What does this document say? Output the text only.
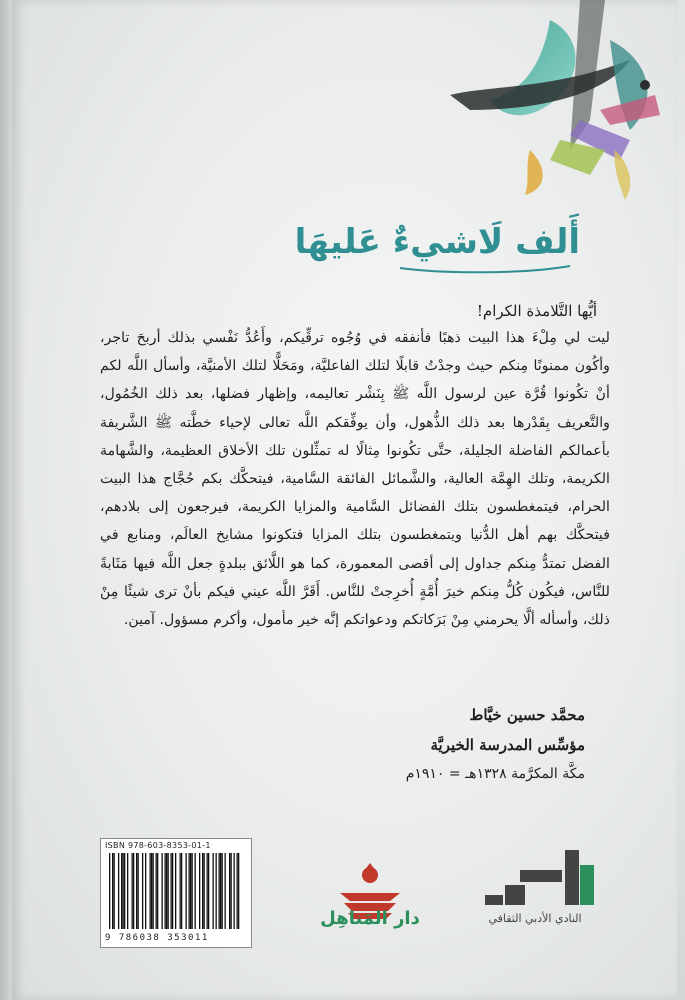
أَلف لَاشيءٌ عَليهَا
أيُّها التَّلامذة الكرام!

ليت لي مِلْءَ هذا البيت ذهبًا فأنفقه في وُجُوه ترقِّيكم، وأَعُدُّ نَفْسي بذلك أربحَ تاجر، وأكُون ممنونًا مِنكم حيث وجدْتُ قابلًا لتلك الفاعليَّة، ومَحَلًّا لتلك الأمنيَّة، وأسأل اللَّه لكم أنْ تكُونوا قُرَّة عين لرسول اللَّه ﷺ بِنَشْر تعاليمه، وإظهار فضلها، بعد ذلك الخُمُول، والتَّعريف بِقَدْرها بعد ذلك الذُّهول، وأن يوفِّقكم اللَّه تعالى لإحياء خطَّته ﷺ الشَّريفة بأعمالكم الفاضلة الجليلة، حتَّى تكُونوا مِثالًا له تمثِّلون تلك الأخلاق العظيمة، والشَّهامة الكريمة، وتلك الهِمَّة العالية، والشَّمائل الفائقة السَّامية، فيتحكَّك بكم حُجَّاج هذا البيت الحرام، فيتمغطسون بتلك الفضائل السَّامية والمزايا الكريمة، فيرجعون إلى بلادهم، فيتحكَّك بهم أهل الدُّنيا ويتمغطسون بتلك المزايا فتكونوا مشايخ العالَم، ومنابع في الفضل تمتدُّ مِنكم جداول إلى أقصى المعمورة، كما هو اللَّائق ببلدةٍ جعل اللَّه فيها مَثَابةً للنَّاس، فيكُون كُلُّ مِنكم خيرَ أُمَّةٍ أُخرِجتْ للنَّاس. أَقَرَّ اللَّه عيني فيكم بأنْ ترى شيئًا مِنْ ذلك، وأسأله ألَّا يحرمني مِنْ بَرَكاتكم ودعواتكم إنَّه خير مأمول، وأكرم مسؤول. آمين.

محمَّد حسين خيَّاط
مؤسِّس المدرسة الخيريَّة
مكَّة المكرَّمة ١٣٢٨هـ = ١٩١٠م
ISBN 978-603-8353-01-1
9 786038 353011
دار المَناهِل	النادي الأدبي الثقافي
